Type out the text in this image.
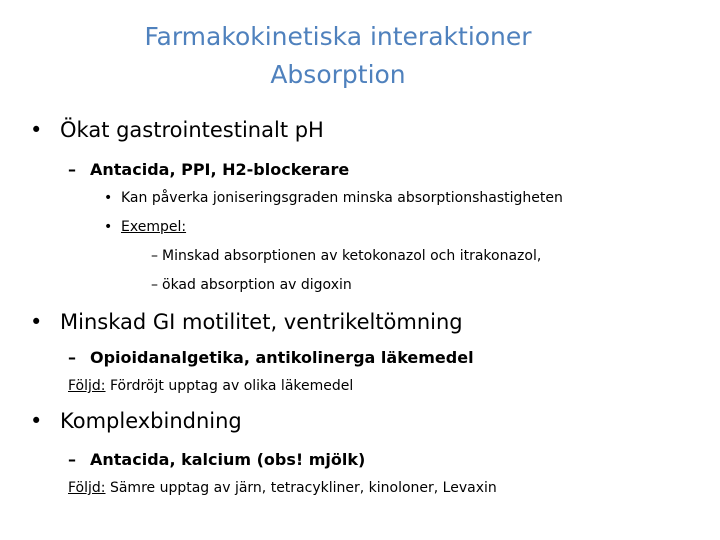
Farmakokinetiska interaktioner
Absorption
• Ökat gastrointestinalt pH
– Antacida, PPI, H2-blockerare
• Kan påverka joniseringsgraden minska absorptionshastigheten
• Exempel:
– Minskad absorptionen av ketokonazol och itrakonazol,
– ökad absorption av digoxin
• Minskad GI motilitet, ventrikeltömning
– Opioidanalgetika, antikolinerga läkemedel
Följd: Fördröjt upptag av olika läkemedel
• Komplexbindning
– Antacida, kalcium (obs! mjölk)
Följd: Sämre upptag av järn, tetracykliner, kinoloner, Levaxin
